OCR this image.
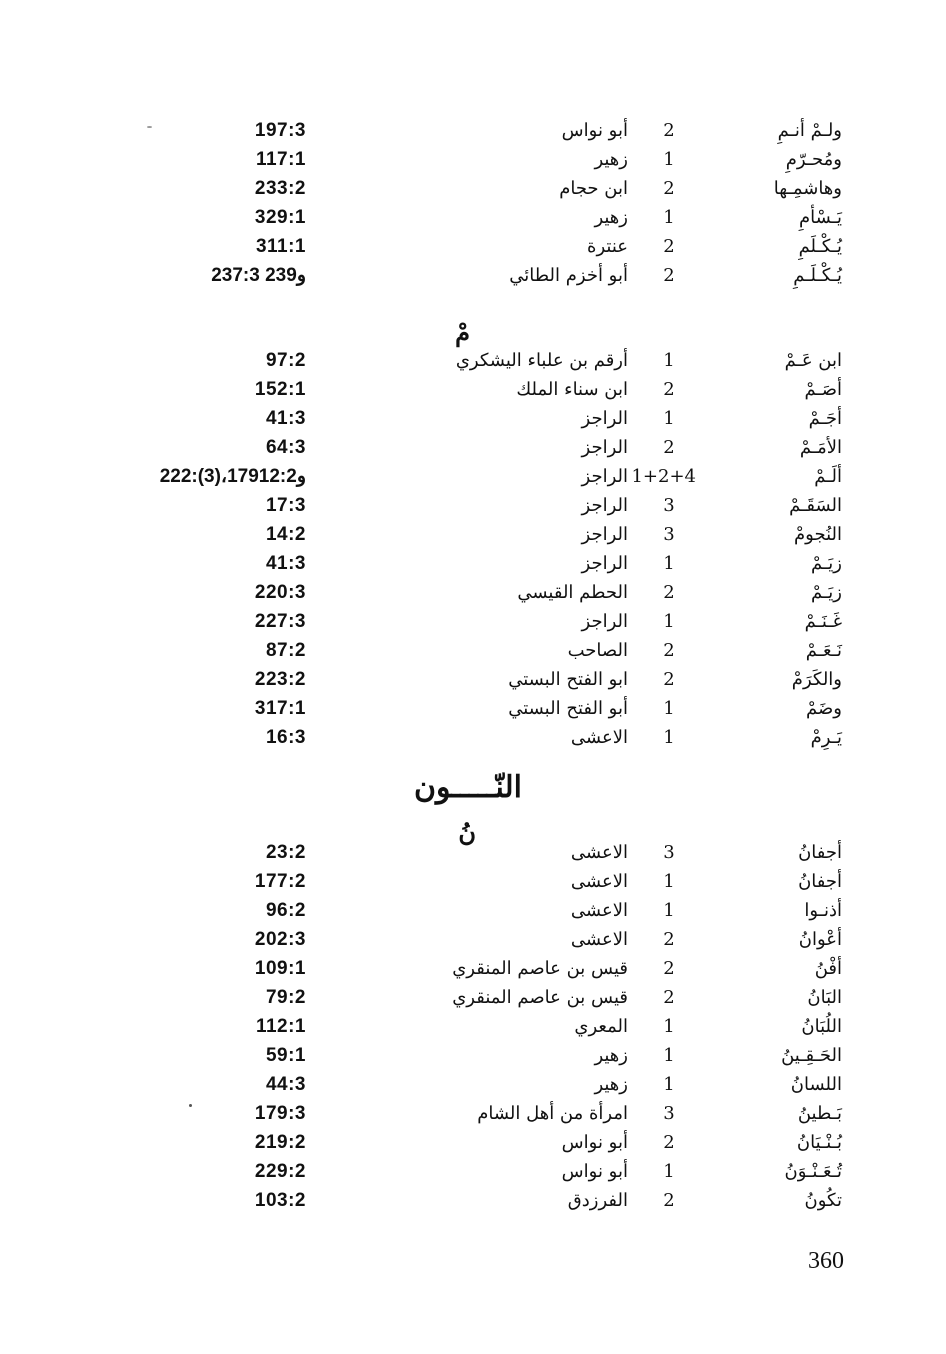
ولـمْ أنـمِ
2
أبو نواس
197:3
ومُحـرّمِ
1
زهير
117:1
وهاشمِـها
2
ابن حجام
233:2
يَـسْأمِ
1
زهير
329:1
يُـكْـلَمِ
2
عنترة
311:1
يُـكْـلَـمِ
2
أبو أخزم الطائي
237:3 و239
مْ
ابن عَـمْ
1
أرقم بن علباء اليشكري
97:2
أصَـمْ
2
ابن سناء الملك
152:1
أجَـمْ
1
الراجز
41:3
الأمَـمْ
2
الراجز
64:3
ألَـمْ
1+2+4
الراجز
222:(3)،179و12:2
السَقَـمْ
3
الراجز
17:3
النُجومْ
3
الراجز
14:2
زيَـمْ
1
الراجز
41:3
زيَـمْ
2
الحطم القيسي
220:3
غَـنَـمْ
1
الراجز
227:3
نَـعَـمْ
2
الصاحب
87:2
والكَرَمْ
2
ابو الفتح البستي
223:2
وضَمْ
1
أبو الفتح البستي
317:1
يَـرِمْ
1
الاعشى
16:3
النّـــــون
نُ
أجفانُ
3
الاعشى
23:2
أجفانُ
1
الاعشى
177:2
أذنـوا
1
الاعشى
96:2
أعْوانُ
2
الاعشى
202:3
أفْنُ
2
قيس بن عاصم المنقري
109:1
البَانُ
2
قيس بن عاصم المنقري
79:2
اللُبَانُ
1
المعري
112:1
الحَـقِـينُ
1
زهير
59:1
اللسانُ
1
زهير
44:3
بَـطينُ
3
امرأة من أهل الشام
179:3
بُـنْـيَانُ
2
أبو نواس
219:2
تُـعَـنْـوَنُ
1
أبو نواس
229:2
تكُونُ
2
الفرزدق
103:2
360
